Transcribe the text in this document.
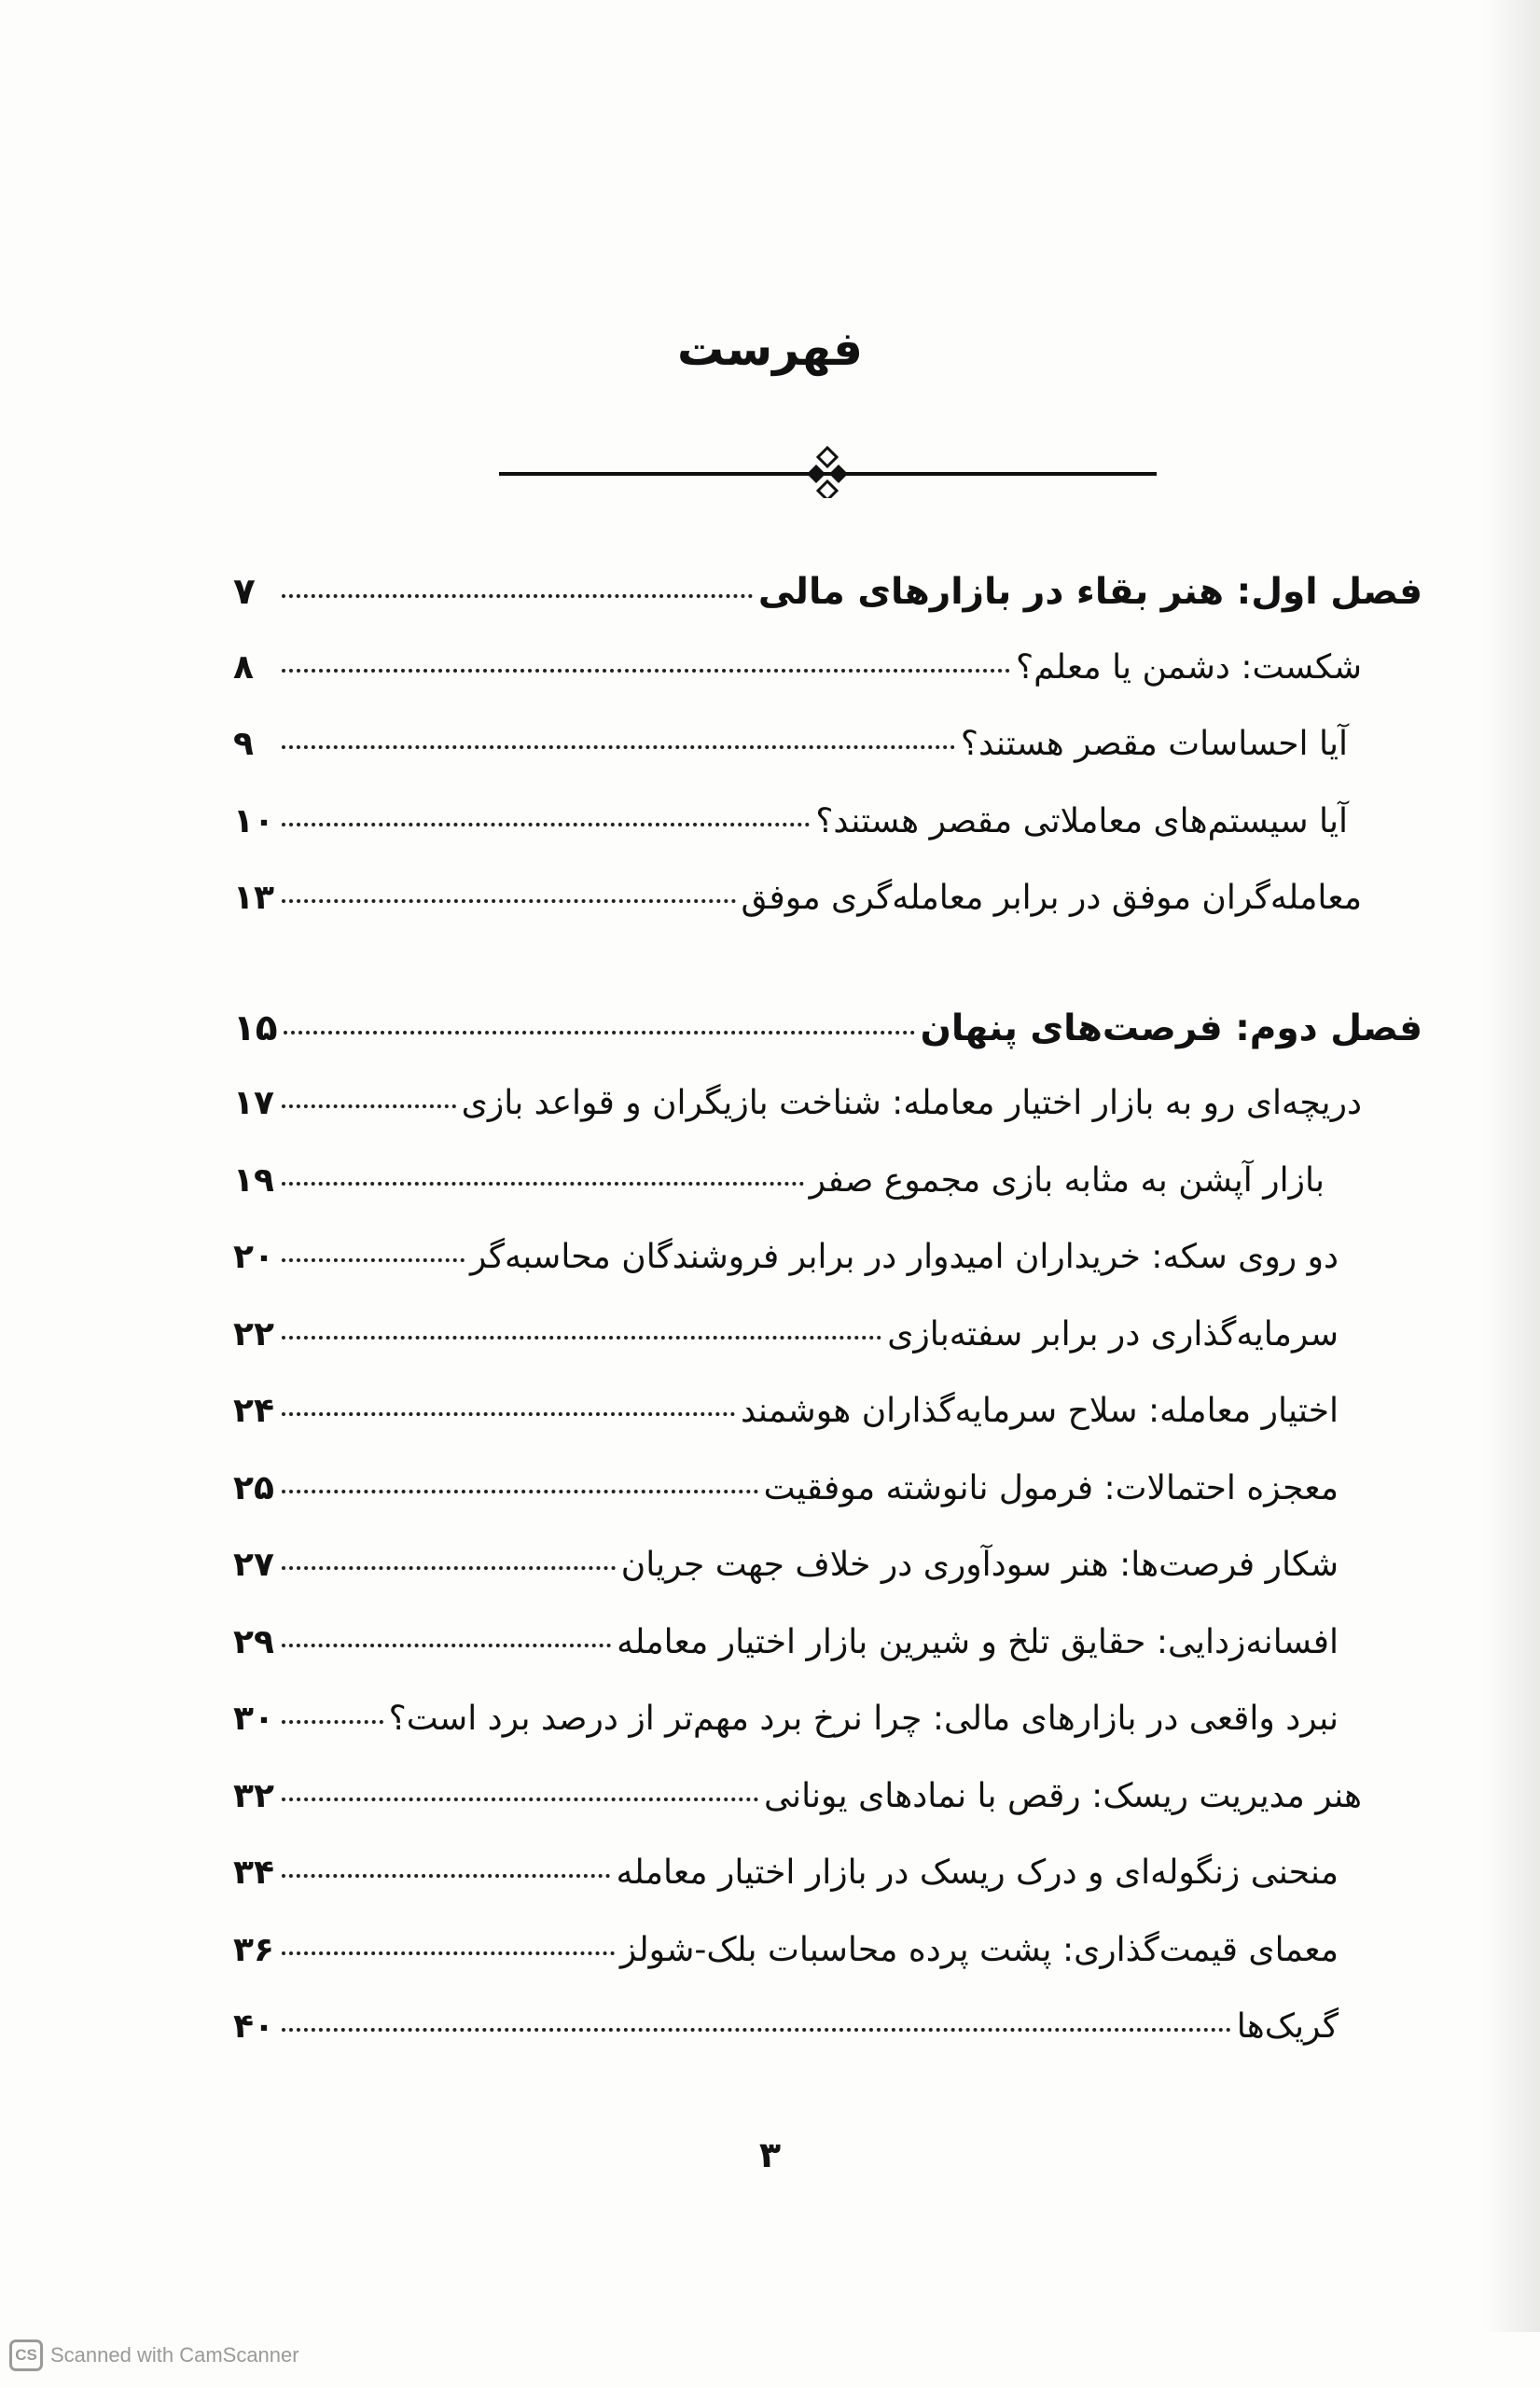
فهرست
فصل اول: هنر بقاء در بازارهای مالی
۷
شکست: دشمن یا معلم؟
۸
آیا احساسات مقصر هستند؟
۹
آیا سیستم‌های معاملاتی مقصر هستند؟
۱۰
معامله‌گران موفق در برابر معامله‌گری موفق
۱۳
فصل دوم: فرصت‌های پنهان
۱۵
دریچه‌ای رو به بازار اختیار معامله: شناخت بازیگران و قواعد بازی
۱۷
بازار آپشن به مثابه بازی مجموع صفر
۱۹
دو روی سکه: خریداران امیدوار در برابر فروشندگان محاسبه‌گر
۲۰
سرمایه‌گذاری در برابر سفته‌بازی
۲۲
اختیار معامله: سلاح سرمایه‌گذاران هوشمند
۲۴
معجزه احتمالات: فرمول نانوشته موفقیت
۲۵
شکار فرصت‌ها: هنر سودآوری در خلاف جهت جریان
۲۷
افسانه‌زدایی: حقایق تلخ و شیرین بازار اختیار معامله
۲۹
نبرد واقعی در بازارهای مالی: چرا نرخ برد مهم‌تر از درصد برد است؟
۳۰
هنر مدیریت ریسک: رقص با نمادهای یونانی
۳۲
منحنی زنگوله‌ای و درک ریسک در بازار اختیار معامله
۳۴
معمای قیمت‌گذاری: پشت پرده محاسبات بلک-شولز
۳۶
گریک‌ها
۴۰
۳
CS Scanned with CamScanner
